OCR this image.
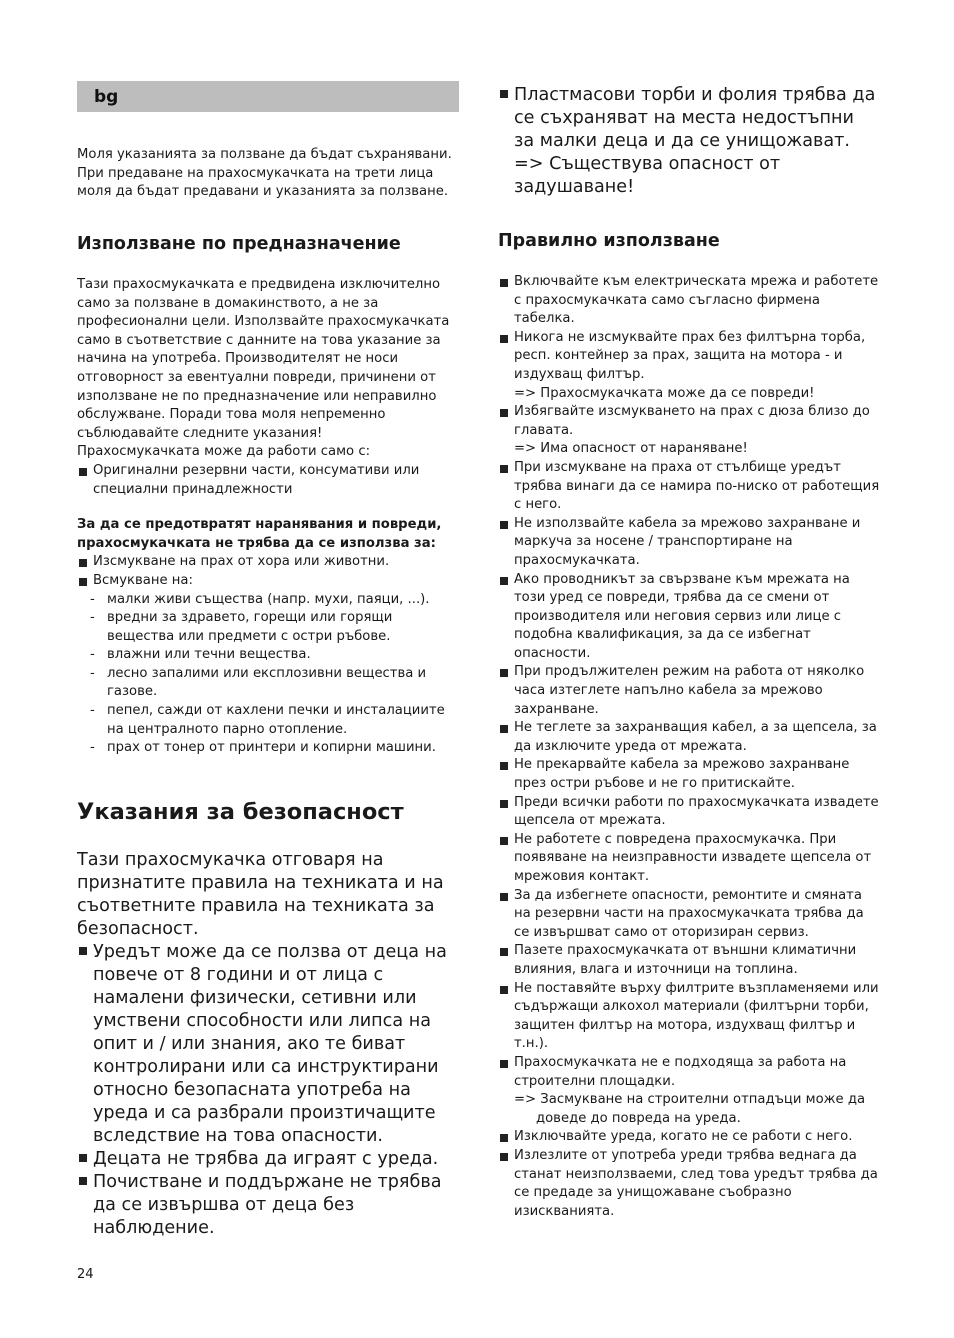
bg

Моля указанията за ползване да бъдат съхранявани. При предаване на прахосмукачката на трети лица моля да бъдат предавани и указанията за ползване.

Използване по предназначение

Тази прахосмукачката е предвидена изключително само за ползване в домакинството, а не за професионални цели. Използвайте прахосмукачката само в съответствие с данните на това указание за начина на употреба. Производителят не носи отговорност за евентуални повреди, причинени от използване не по предназначение или неправилно обслужване. Поради това моля непременно съблюдавайте следните указания!

Прахосмукачката може да работи само с:

Оригинални резервни части, консумативи или специални принадлежности

За да се предотвратят наранявания и повреди, прахосмукачката не трябва да се използва за:

Изсмукване на прах от хора или животни.
Всмукване на:
- малки живи същества (напр. мухи, паяци, ...).
- вредни за здравето, горещи или горящи вещества или предмети с остри ръбове.
- влажни или течни вещества.
- лесно запалими или експлозивни вещества и газове.
- пепел, сажди от кахлени печки и инсталациите на централното парно отопление.
- прах от тонер от принтери и копирни машини.
Указания за безопасност

Тази прахосмукачка отговаря на признатите правила на техниката и на съответните правила на техниката за безопасност.

Уредът може да се ползва от деца на повече от 8 години и от лица с намалени физически, сетивни или умствени способности или липса на опит и / или знания, ако те биват контролирани или са инструктирани относно безопасната употреба на уреда и са разбрали произтичащите вследствие на това опасности.
Децата не трябва да играят с уреда.
Почистване и поддържане не трябва да се извършва от деца без наблюдение.
Пластмасови торби и фолия трябва да се съхраняват на места недостъпни за малки деца и да се унищожават.
=> Съществува опасност от задушаване!
Правилно използване
Включвайте към електрическата мрежа и работете с прахосмукачката само съгласно фирмена табелка.
Никога не изсмуквайте прах без филтърна торба, респ. контейнер за прах, защита на мотора - и издухващ филтър.
=> Прахосмукачката може да се повреди!
Избягвайте изсмукването на прах с дюза близо до главата.
=> Има опасност от нараняване!
При изсмукване на праха от стълбище уредът трябва винаги да се намира по-ниско от работещия с него.
Не използвайте кабела за мрежово захранване и маркуча за носене / транспортиране на прахосмукачката.
Ако проводникът за свързване към мрежата на този уред се повреди, трябва да се смени от производителя или неговия сервиз или лице с подобна квалификация, за да се избегнат опасности.
При продължителен режим на работа от няколко часа изтеглете напълно кабела за мрежово захранване.
Не теглете за захранващия кабел, а за щепсела, за да изключите уреда от мрежата.
Не прекарвайте кабела за мрежово захранване през остри ръбове и не го притискайте.
Преди всички работи по прахосмукачката извадете щепсела от мрежата.
Не работете с повредена прахосмукачка. При появяване на неизправности извадете щепсела от мрежовия контакт.
За да избегнете опасности, ремонтите и смяната на резервни части на прахосмукачката трябва да се извършват само от оторизиран сервиз.
Пазете прахосмукачката от външни климатични влияния, влага и източници на топлина.
Не поставяйте върху филтрите възпламеняеми или съдържащи алкохол материали (филтърни торби, защитен филтър на мотора, издухващ филтър и т.н.).
Прахосмукачката не е подходяща за работа на строителни площадки.
=> Засмукване на строителни отпадъци може да доведе до повреда на уреда.
Изключвайте уреда, когато не се работи с него.
Излезлите от употреба уреди трябва веднага да станат неизползваеми, след това уредът трябва да се предаде за унищожаване съобразно изискванията.
24
